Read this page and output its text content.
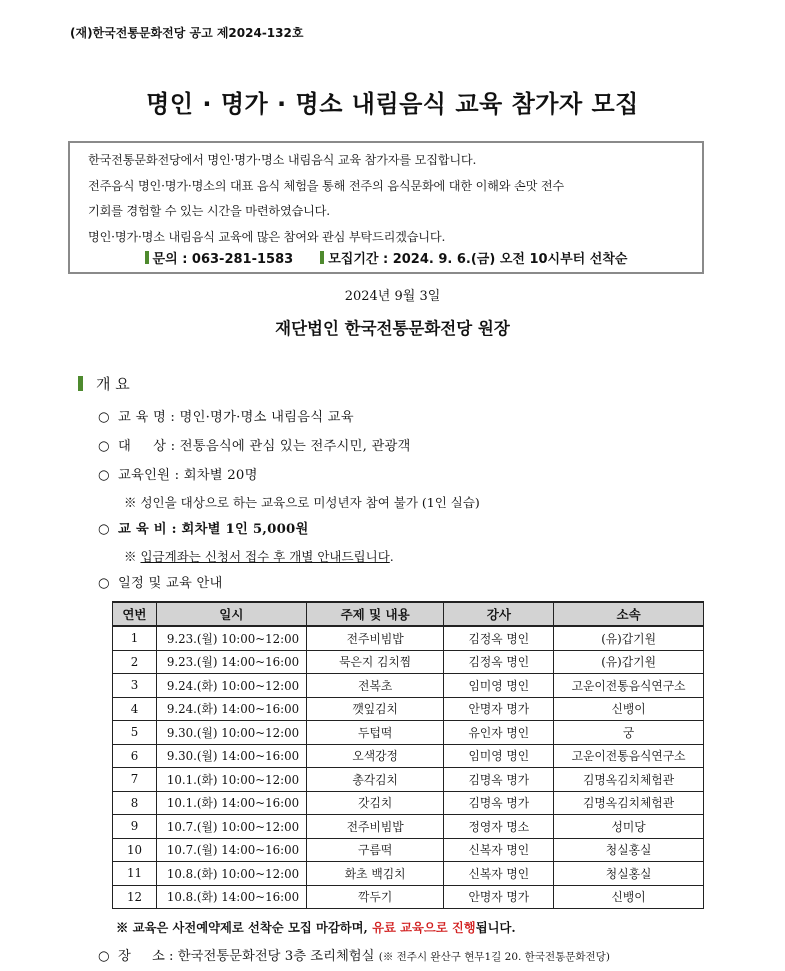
(재)한국전통문화전당 공고 제2024-132호
명인 · 명가 · 명소 내림음식 교육 참가자 모집

한국전통문화전당에서 명인·명가·명소 내림음식 교육 참가자를 모집합니다.

전주음식 명인·명가·명소의 대표 음식 체험을 통해 전주의 음식문화에 대한 이해와 손맛 전수

기회를 경험할 수 있는 시간을 마련하였습니다.

명인·명가·명소 내림음식 교육에 많은 참여와 관심 부탁드리겠습니다.

문의 : 063-281-1583	모집기간 : 2024. 9. 6.(금) 오전 10시부터 선착순
2024년 9월 3일
재단법인 한국전통문화전당 원장
개 요
○ 교 육 명 : 명인·명가·명소 내림음식 교육
○ 대     상 : 전통음식에 관심 있는 전주시민, 관광객
○ 교육인원 : 회차별 20명
※ 성인을 대상으로 하는 교육으로 미성년자 참여 불가 (1인 실습)
○ 교 육 비 : 회차별 1인 5,000원
※ 입금계좌는 신청서 접수 후 개별 안내드립니다.
○ 일정 및 교육 안내
연번	일시	주제 및 내용	강사	소속
1	9.23.(월) 10:00~12:00	전주비빔밥	김정옥 명인	(유)갑기원
2	9.23.(월) 14:00~16:00	묵은지 김치찜	김정옥 명인	(유)갑기원
3	9.24.(화) 10:00~12:00	전복초	임미영 명인	고운이전통음식연구소
4	9.24.(화) 14:00~16:00	깻잎김치	안명자 명가	신뱅이
5	9.30.(월) 10:00~12:00	두텁떡	유인자 명인	궁
6	9.30.(월) 14:00~16:00	오색강정	임미영 명인	고운이전통음식연구소
7	10.1.(화) 10:00~12:00	총각김치	김명옥 명가	김명옥김치체험관
8	10.1.(화) 14:00~16:00	갓김치	김명옥 명가	김명옥김치체험관
9	10.7.(월) 10:00~12:00	전주비빔밥	정영자 명소	성미당
10	10.7.(월) 14:00~16:00	구름떡	신복자 명인	청실홍실
11	10.8.(화) 10:00~12:00	화초 백김치	신복자 명인	청실홍실
12	10.8.(화) 14:00~16:00	깍두기	안명자 명가	신뱅이
※ 교육은 사전예약제로 선착순 모집 마감하며, 유료 교육으로 진행됩니다.
○ 장     소 : 한국전통문화전당 3층 조리체험실 (※ 전주시 완산구 현무1길 20. 한국전통문화전당)
